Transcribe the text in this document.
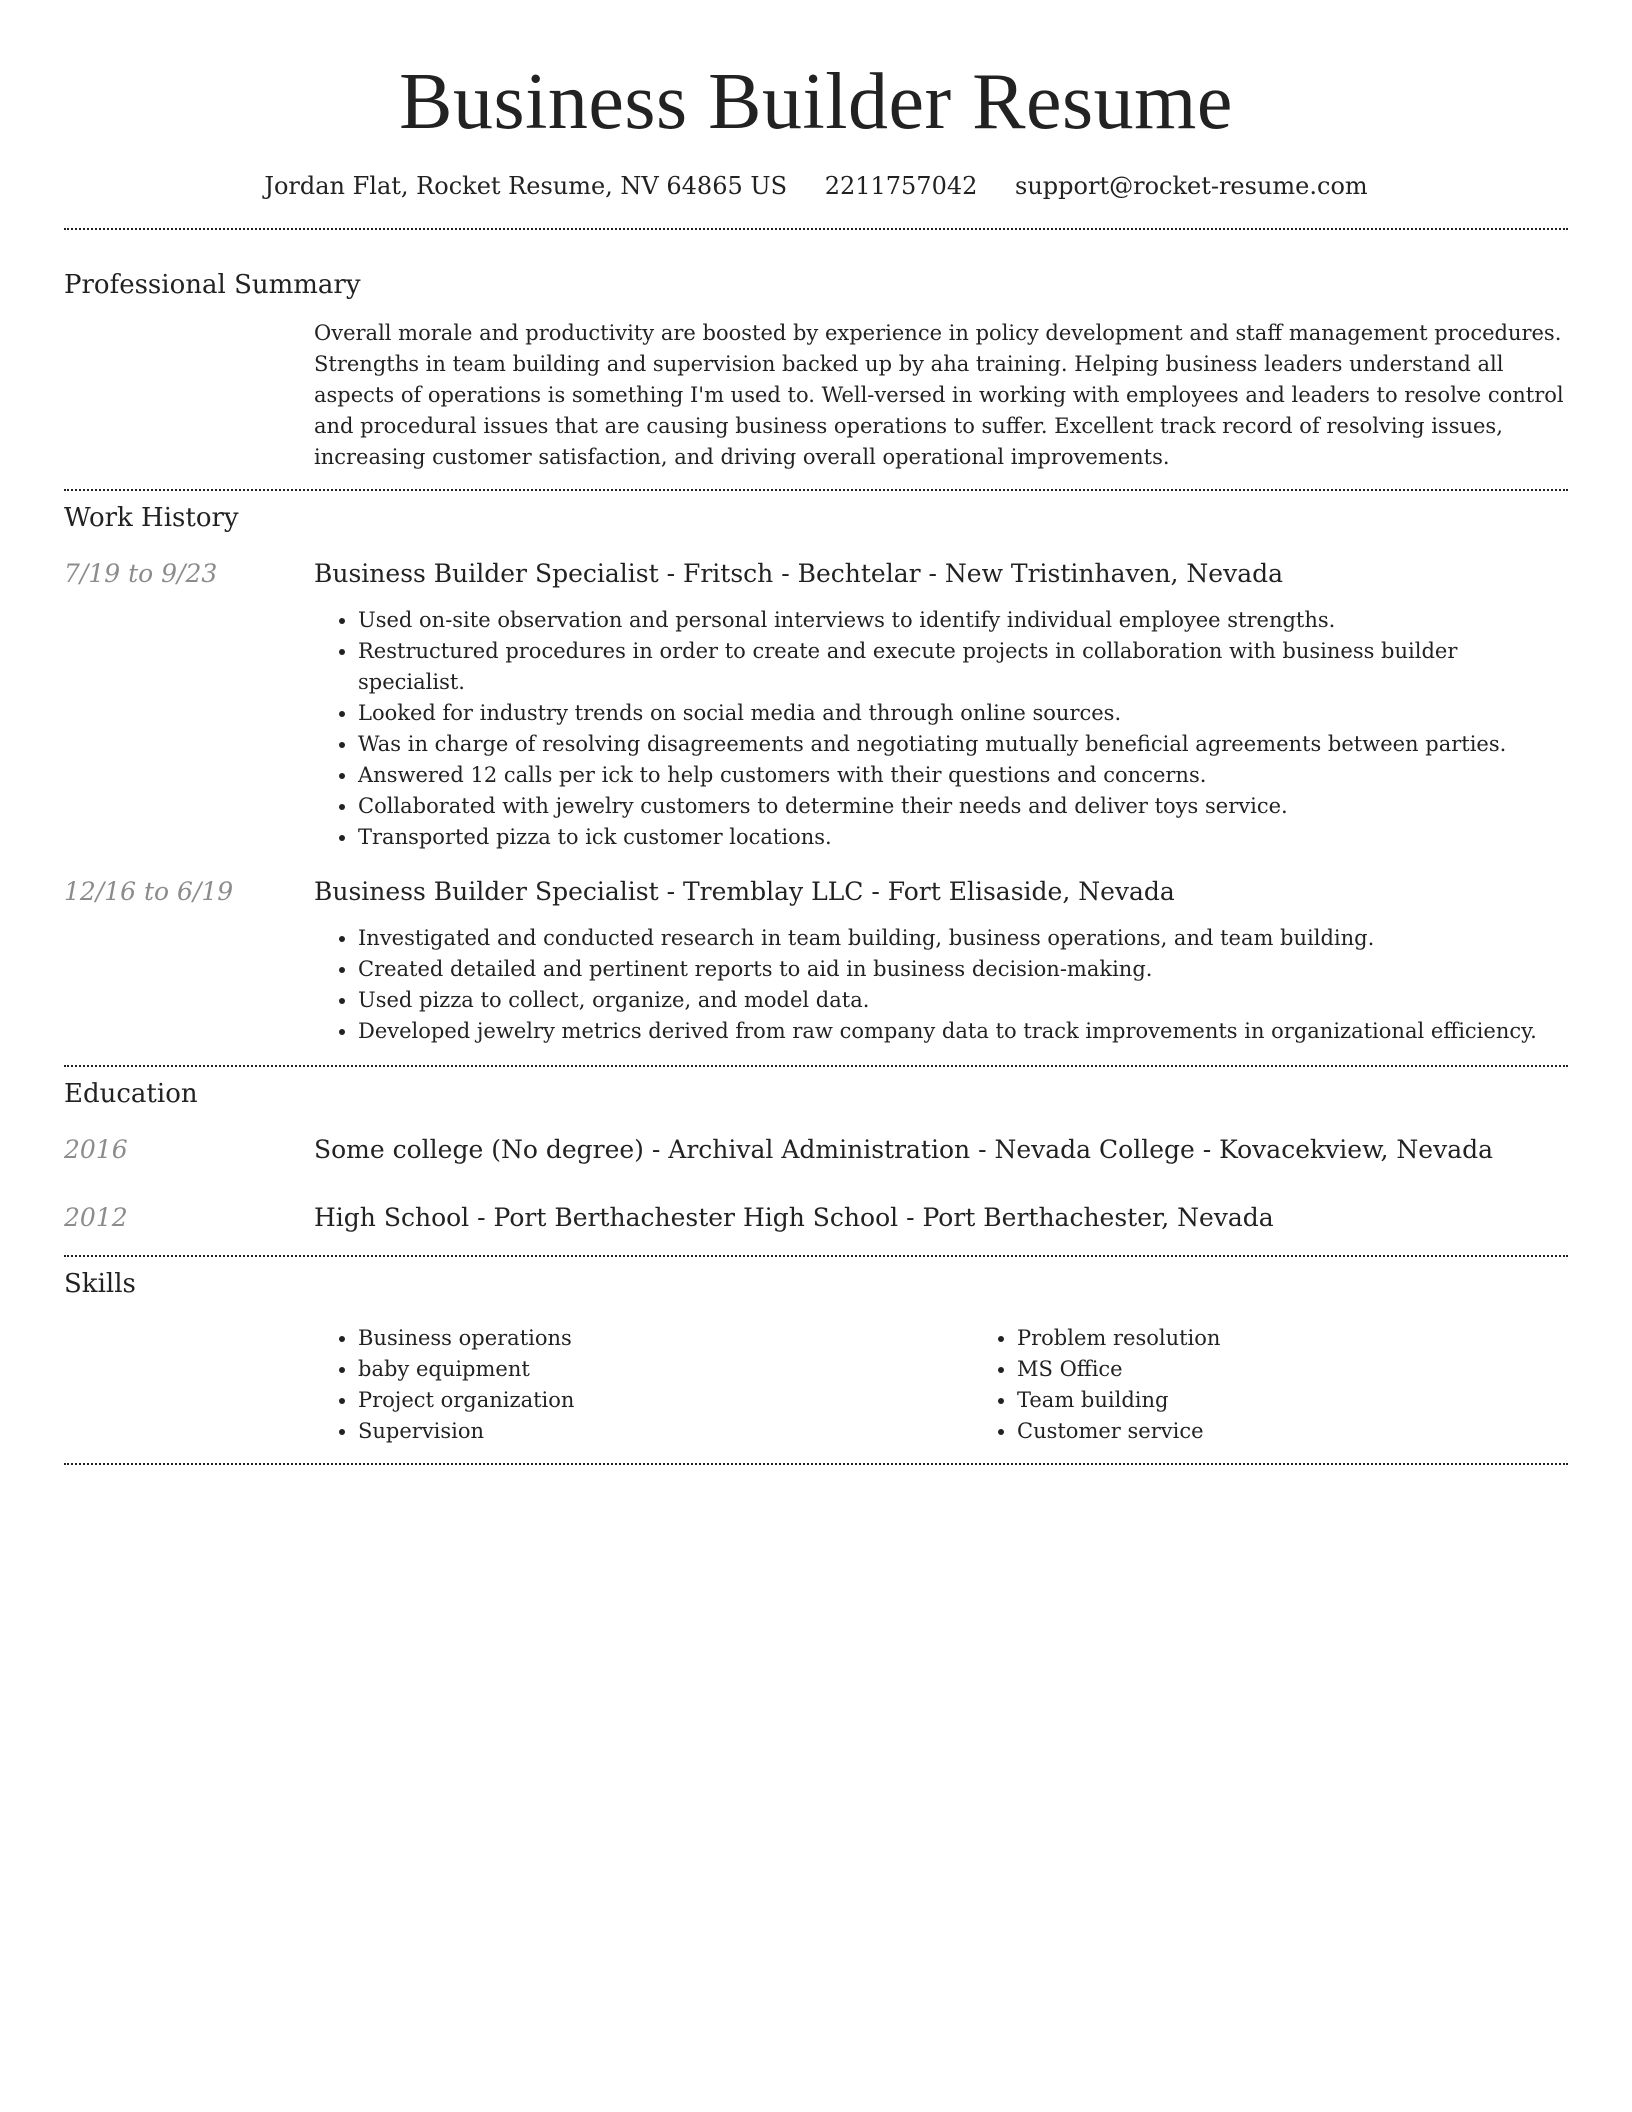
Business Builder Resume
Jordan Flat, Rocket Resume, NV 64865 US 2211757042 support@rocket-resume.com
Professional Summary
Overall morale and productivity are boosted by experience in policy development and staff management procedures. Strengths in team building and supervision backed up by aha training. Helping business leaders understand all aspects of operations is something I'm used to. Well-versed in working with employees and leaders to resolve control and procedural issues that are causing business operations to suffer. Excellent track record of resolving issues, increasing customer satisfaction, and driving overall operational improvements.
Work History
7/19 to 9/23	Business Builder Specialist - Fritsch - Bechtelar - New Tristinhaven, Nevada
• Used on-site observation and personal interviews to identify individual employee strengths.
• Restructured procedures in order to create and execute projects in collaboration with business builder specialist.
• Looked for industry trends on social media and through online sources.
• Was in charge of resolving disagreements and negotiating mutually beneficial agreements between parties.
• Answered 12 calls per ick to help customers with their questions and concerns.
• Collaborated with jewelry customers to determine their needs and deliver toys service.
• Transported pizza to ick customer locations.
12/16 to 6/19	Business Builder Specialist - Tremblay LLC - Fort Elisaside, Nevada
• Investigated and conducted research in team building, business operations, and team building.
• Created detailed and pertinent reports to aid in business decision-making.
• Used pizza to collect, organize, and model data.
• Developed jewelry metrics derived from raw company data to track improvements in organizational efficiency.
Education
2016	Some college (No degree) - Archival Administration - Nevada College - Kovacekview, Nevada
2012	High School - Port Berthachester High School - Port Berthachester, Nevada
Skills
• Business operations
• baby equipment
• Project organization
• Supervision
• Problem resolution
• MS Office
• Team building
• Customer service
